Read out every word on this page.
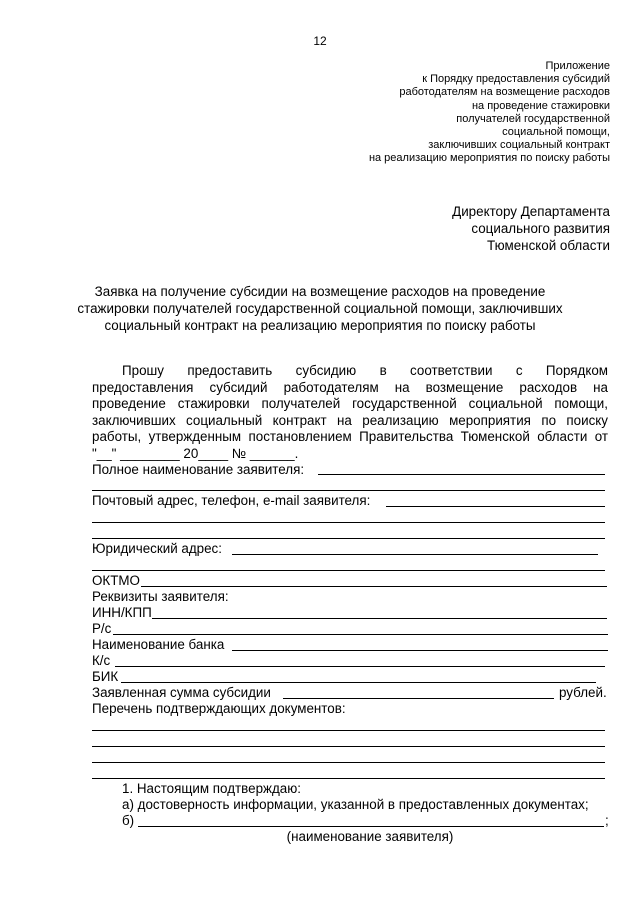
12
Приложение
к Порядку предоставления субсидий
работодателям на возмещение расходов
на проведение стажировки
получателей государственной
социальной помощи,
заключивших социальный контракт
на реализацию мероприятия по поиску работы
Директору Департамента
социального развития
Тюменской области
Заявка на получение субсидии на возмещение расходов на проведение
стажировки получателей государственной социальной помощи, заключивших
социальный контракт на реализацию мероприятия по поиску работы
Прошу предоставить субсидию в соответствии с Порядком
предоставления субсидий работодателям на возмещение расходов на
проведение стажировки получателей государственной социальной помощи,
заключивших социальный контракт на реализацию мероприятия по поиску
работы, утвержденным постановлением Правительства Тюменской области от
"__" ________ 20____ № ______.
Полное наименование заявителя:
Почтовый адрес, телефон, e-mail заявителя:
Юридический адрес:
ОКТМО
Реквизиты заявителя:
ИНН/КПП
Р/с
Наименование банка
К/с
БИК
Заявленная сумма субсидии	рублей.
Перечень подтверждающих документов:
1. Настоящим подтверждаю:
а) достоверность информации, указанной в предоставленных документах;
б)	;
(наименование заявителя)
